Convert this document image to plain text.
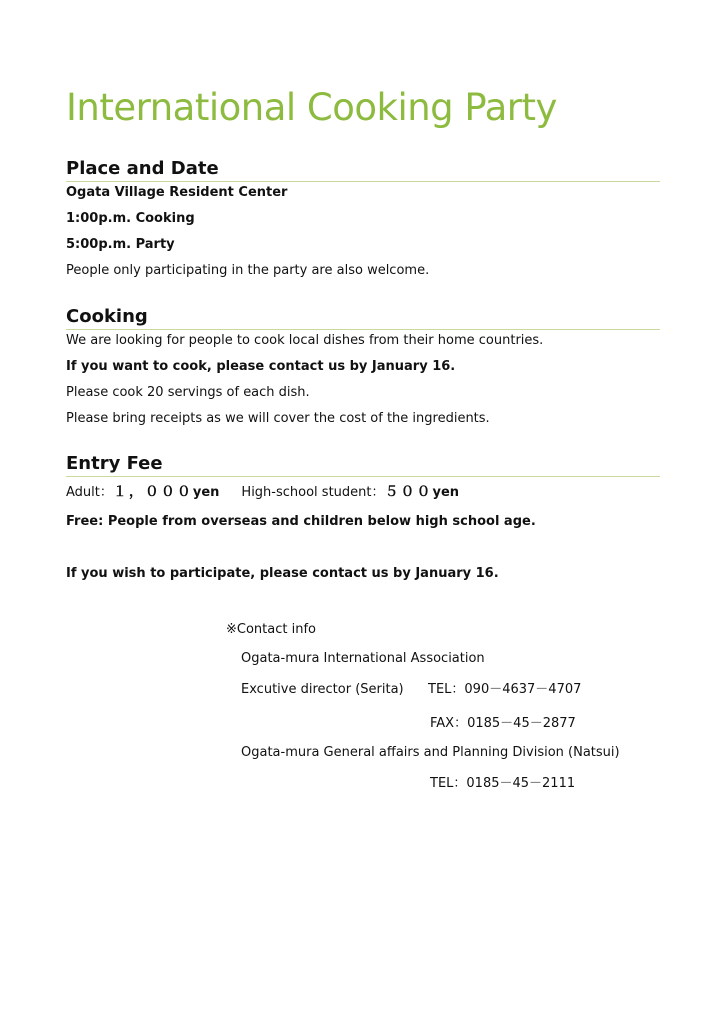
International Cooking Party
Place and Date

Ogata Village Resident Center

1:00p.m. Cooking

5:00p.m. Party

People only participating in the party are also welcome.

Cooking

We are looking for people to cook local dishes from their home countries.

If you want to cook, please contact us by January 16.

Please cook 20 servings of each dish.

Please bring receipts as we will cover the cost of the ingredients.

Entry Fee

Adult：１，０００yen High-school student：５００yen

Free: People from overseas and children below high school age.

If you wish to participate, please contact us by January 16.

※Contact info

Ogata-mura International Association

Excutive director (Serita) TEL：090－4637－4707

FAX：0185－45－2877

Ogata-mura General affairs and Planning Division (Natsui)

TEL：0185－45－2111
